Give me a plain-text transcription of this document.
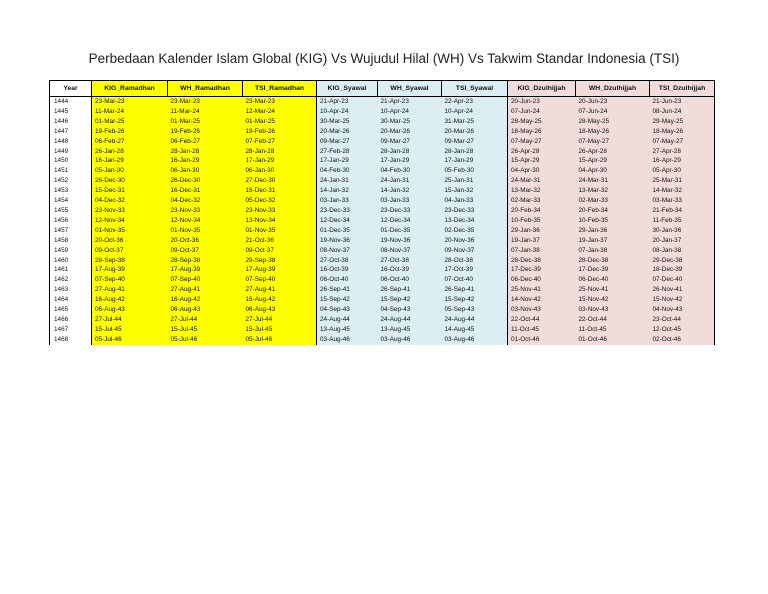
Perbedaan Kalender Islam Global (KIG) Vs Wujudul Hilal (WH) Vs Takwim Standar Indonesia (TSI)
Year	KIG_Ramadhan	WH_Ramadhan	TSI_Ramadhan	KIG_Syawal	WH_Syawal	TSI_Syawal	KIG_Dzulhijjah	WH_Dzulhijjah	TSI_Dzulhijjah
1444	23-Mar-23	23-Mar-23	23-Mar-23	21-Apr-23	21-Apr-23	22-Apr-23	20-Jun-23	20-Jun-23	21-Jun-23
1445	11-Mar-24	11-Mar-24	12-Mar-24	10-Apr-24	10-Apr-24	10-Apr-24	07-Jun-24	07-Jun-24	08-Jun-24
1446	01-Mar-25	01-Mar-25	01-Mar-25	30-Mar-25	30-Mar-25	31-Mar-25	28-May-25	28-May-25	29-May-25
1447	19-Feb-26	19-Feb-26	19-Feb-26	20-Mar-26	20-Mar-26	20-Mar-26	18-May-26	18-May-26	18-May-26
1448	06-Feb-27	06-Feb-27	07-Feb-27	09-Mar-27	09-Mar-27	09-Mar-27	07-May-27	07-May-27	07-May-27
1449	26-Jan-28	28-Jan-28	28-Jan-28	27-Feb-28	28-Jan-28	28-Jan-28	26-Apr-28	26-Apr-28	27-Apr-28
1450	16-Jan-29	16-Jan-29	17-Jan-29	17-Jan-29	17-Jan-29	17-Jan-29	15-Apr-29	15-Apr-29	16-Apr-29
1451	05-Jan-30	06-Jan-30	06-Jan-30	04-Feb-30	04-Feb-30	05-Feb-30	04-Apr-30	04-Apr-30	05-Apr-30
1452	26-Dec-30	26-Dec-30	27-Dec-30	24-Jan-31	24-Jan-31	25-Jan-31	24-Mar-31	24-Mar-31	25-Mar-31
1453	15-Dec-31	16-Dec-31	16-Dec-31	14-Jan-32	14-Jan-32	15-Jan-32	13-Mar-32	13-Mar-32	14-Mar-32
1454	04-Dec-32	04-Dec-32	05-Dec-32	03-Jan-33	03-Jan-33	04-Jan-33	02-Mar-33	02-Mar-33	03-Mar-33
1455	23-Nov-33	23-Nov-33	23-Nov-33	23-Dec-33	23-Dec-33	23-Dec-33	20-Feb-34	20-Feb-34	21-Feb-34
1456	12-Nov-34	12-Nov-34	13-Nov-34	12-Dec-34	12-Dec-34	13-Dec-34	10-Feb-35	10-Feb-35	11-Feb-35
1457	01-Nov-35	01-Nov-35	01-Nov-35	01-Dec-35	01-Dec-35	02-Dec-35	29-Jan-36	29-Jan-36	30-Jan-36
1458	20-Oct-36	20-Oct-36	21-Oct-36	19-Nov-36	19-Nov-36	20-Nov-36	19-Jan-37	19-Jan-37	20-Jan-37
1459	09-Oct-37	09-Oct-37	09-Oct-37	08-Nov-37	08-Nov-37	09-Nov-37	07-Jan-38	07-Jan-38	08-Jan-38
1460	28-Sep-38	28-Sep-38	29-Sep-38	27-Oct-38	27-Oct-38	28-Oct-38	28-Dec-38	28-Dec-38	29-Dec-38
1461	17-Aug-39	17-Aug-39	17-Aug-39	16-Oct-39	16-Oct-39	17-Oct-39	17-Dec-39	17-Dec-39	18-Dec-39
1462	07-Sep-40	07-Sep-40	07-Sep-40	06-Oct-40	06-Oct-40	07-Oct-40	06-Dec-40	06-Dec-40	07-Dec-40
1463	27-Aug-41	27-Aug-41	27-Aug-41	26-Sep-41	26-Sep-41	26-Sep-41	25-Nov-41	25-Nov-41	26-Nov-41
1464	16-Aug-42	16-Aug-42	16-Aug-42	15-Sep-42	15-Sep-42	15-Sep-42	14-Nov-42	15-Nov-42	15-Nov-42
1465	06-Aug-43	06-Aug-43	06-Aug-43	04-Sep-43	04-Sep-43	05-Sep-43	03-Nov-43	03-Nov-43	04-Nov-43
1466	27-Jul-44	27-Jul-44	27-Jul-44	24-Aug-44	24-Aug-44	24-Aug-44	22-Oct-44	22-Oct-44	23-Oct-44
1467	15-Jul-45	15-Jul-45	15-Jul-45	13-Aug-45	13-Aug-45	14-Aug-45	11-Oct-45	11-Oct-45	12-Oct-45
1468	05-Jul-46	05-Jul-46	05-Jul-46	03-Aug-46	03-Aug-46	03-Aug-46	01-Oct-46	01-Oct-46	02-Oct-46
